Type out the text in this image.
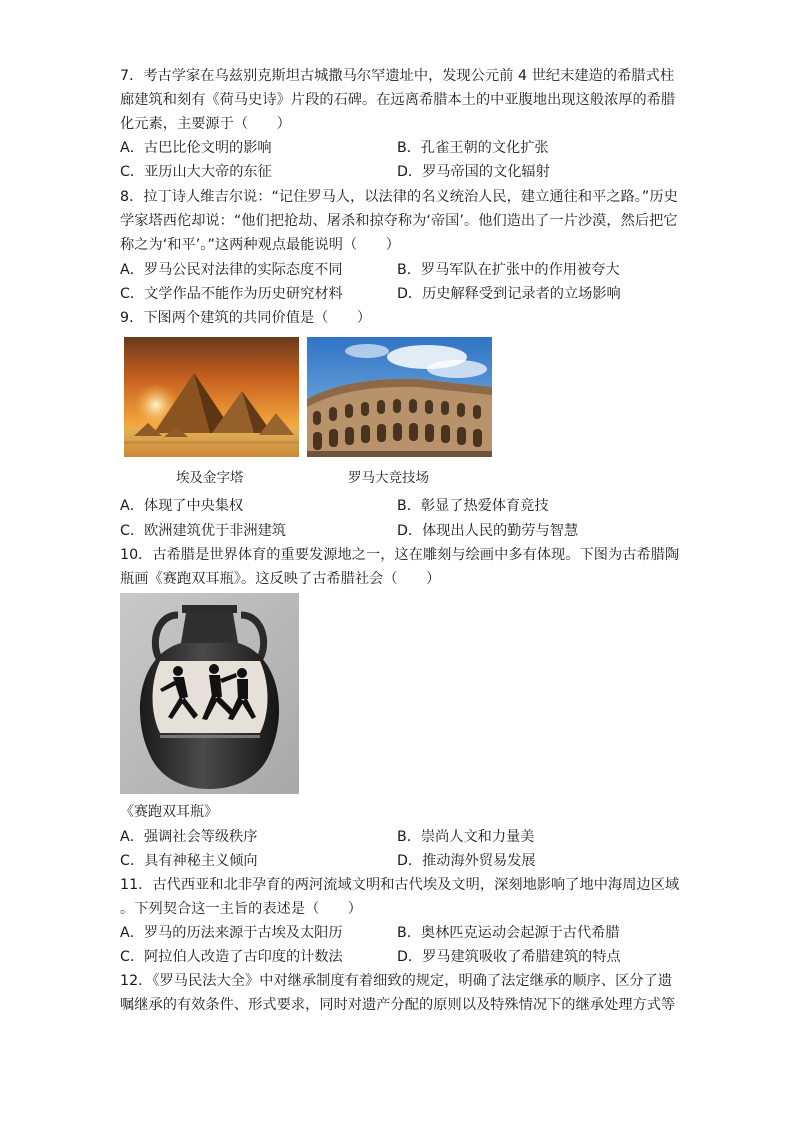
7．考古学家在乌兹别克斯坦古城撒马尔罕遗址中，发现公元前 4 世纪末建造的希腊式柱
廊建筑和刻有《荷马史诗》片段的石碑。在远离希腊本土的中亚腹地出现这般浓厚的希腊
化元素，主要源于（　　）
A．古巴比伦文明的影响	B．孔雀王朝的文化扩张
C．亚历山大大帝的东征	D．罗马帝国的文化辐射
8．拉丁诗人维吉尔说：“记住罗马人，以法律的名义统治人民，建立通往和平之路。”历史
学家塔西佗却说：“他们把抢劫、屠杀和掠夺称为‘帝国’。他们造出了一片沙漠，然后把它
称之为‘和平’。”这两种观点最能说明（　　）
A．罗马公民对法律的实际态度不同	B．罗马军队在扩张中的作用被夸大
C．文学作品不能作为历史研究材料	D．历史解释受到记录者的立场影响
9．下图两个建筑的共同价值是（　　）
埃及金字塔	罗马大竞技场
A．体现了中央集权	B．彰显了热爱体育竞技
C．欧洲建筑优于非洲建筑	D．体现出人民的勤劳与智慧
10．古希腊是世界体育的重要发源地之一，这在雕刻与绘画中多有体现。下图为古希腊陶
瓶画《赛跑双耳瓶》。这反映了古希腊社会（　　）
《赛跑双耳瓶》
A．强调社会等级秩序	B．崇尚人文和力量美
C．具有神秘主义倾向	D．推动海外贸易发展
11．古代西亚和北非孕育的两河流域文明和古代埃及文明，深刻地影响了地中海周边区域
。下列契合这一主旨的表述是（　　）
A．罗马的历法来源于古埃及太阳历	B．奥林匹克运动会起源于古代希腊
C．阿拉伯人改造了古印度的计数法	D．罗马建筑吸收了希腊建筑的特点
12．《罗马民法大全》中对继承制度有着细致的规定，明确了法定继承的顺序、区分了遗
嘱继承的有效条件、形式要求，同时对遗产分配的原则以及特殊情况下的继承处理方式等
